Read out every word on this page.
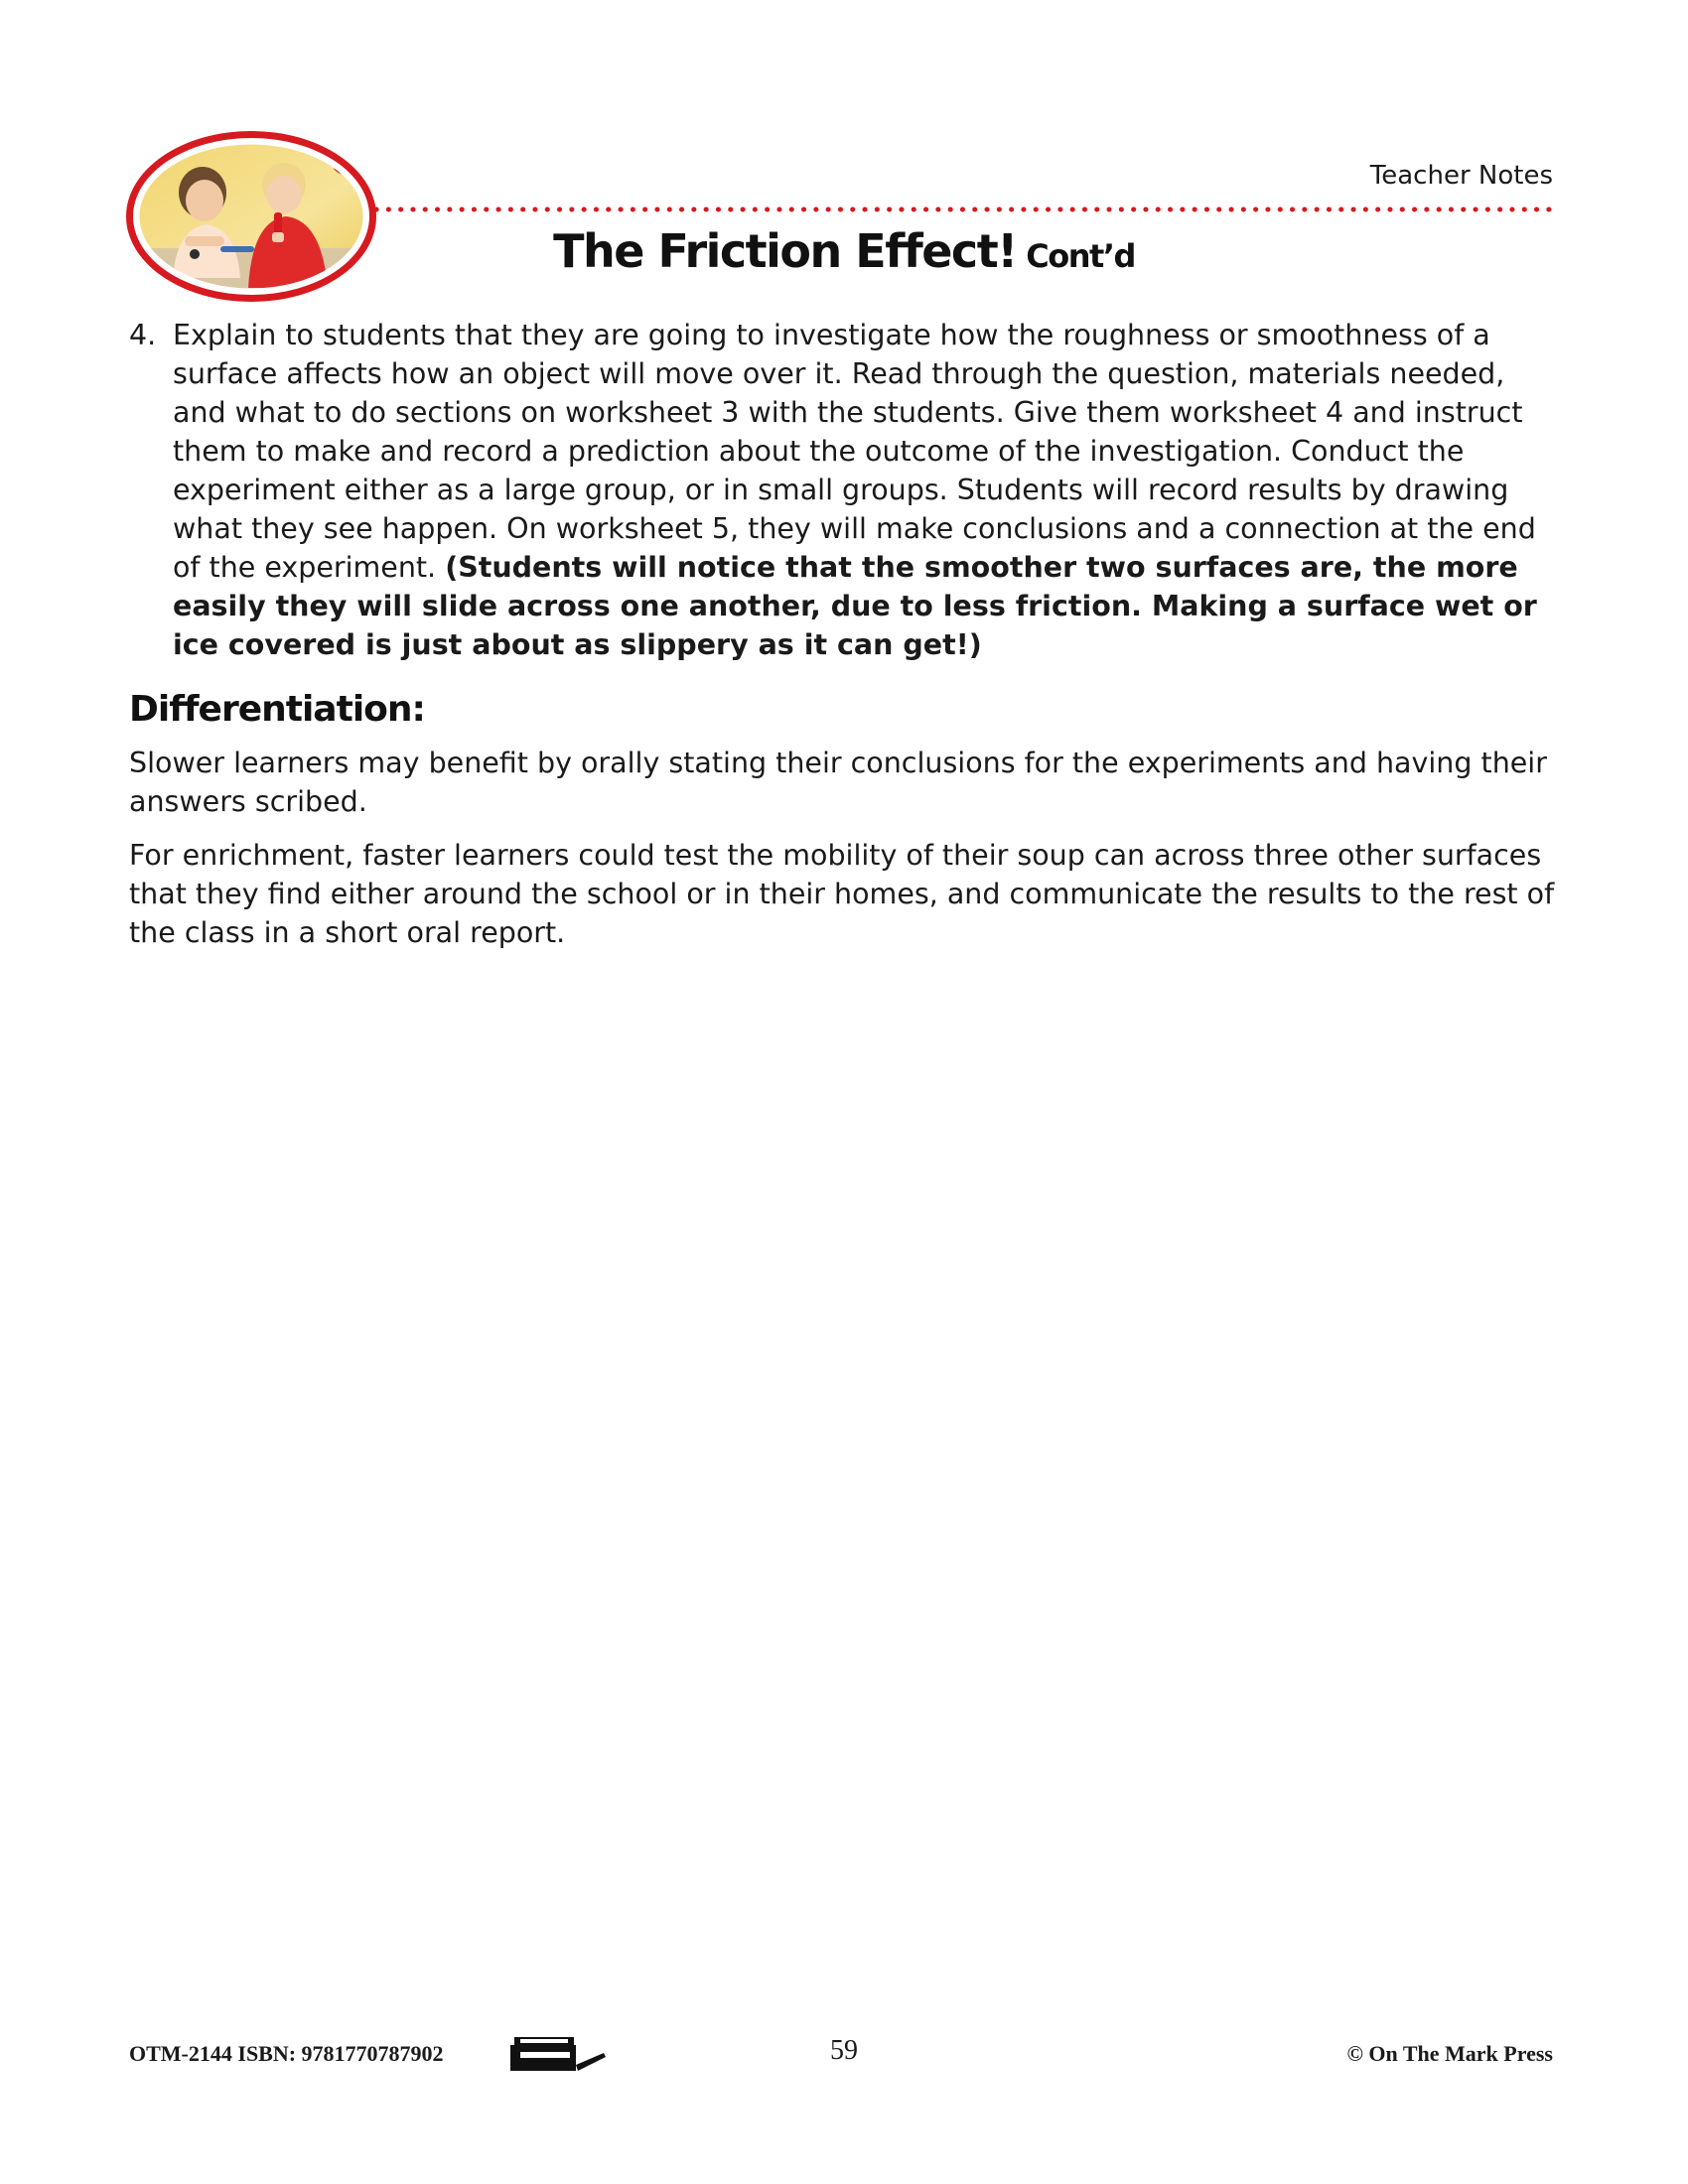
Teacher Notes
The Friction Effect! Cont’d
4. Explain to students that they are going to investigate how the roughness or smoothness of a surface affects how an object will move over it. Read through the question, materials needed, and what to do sections on worksheet 3 with the students. Give them worksheet 4 and instruct them to make and record a prediction about the outcome of the investigation. Conduct the experiment either as a large group, or in small groups. Students will record results by drawing what they see happen. On worksheet 5, they will make conclusions and a connection at the end of the experiment. (Students will notice that the smoother two surfaces are, the more easily they will slide across one another, due to less friction. Making a surface wet or ice covered is just about as slippery as it can get!)
Differentiation:
Slower learners may benefit by orally stating their conclusions for the experiments and having their answers scribed.
For enrichment, faster learners could test the mobility of their soup can across three other surfaces that they find either around the school or in their homes, and communicate the results to the rest of the class in a short oral report.
OTM-2144 ISBN: 9781770787902	59	© On The Mark Press
